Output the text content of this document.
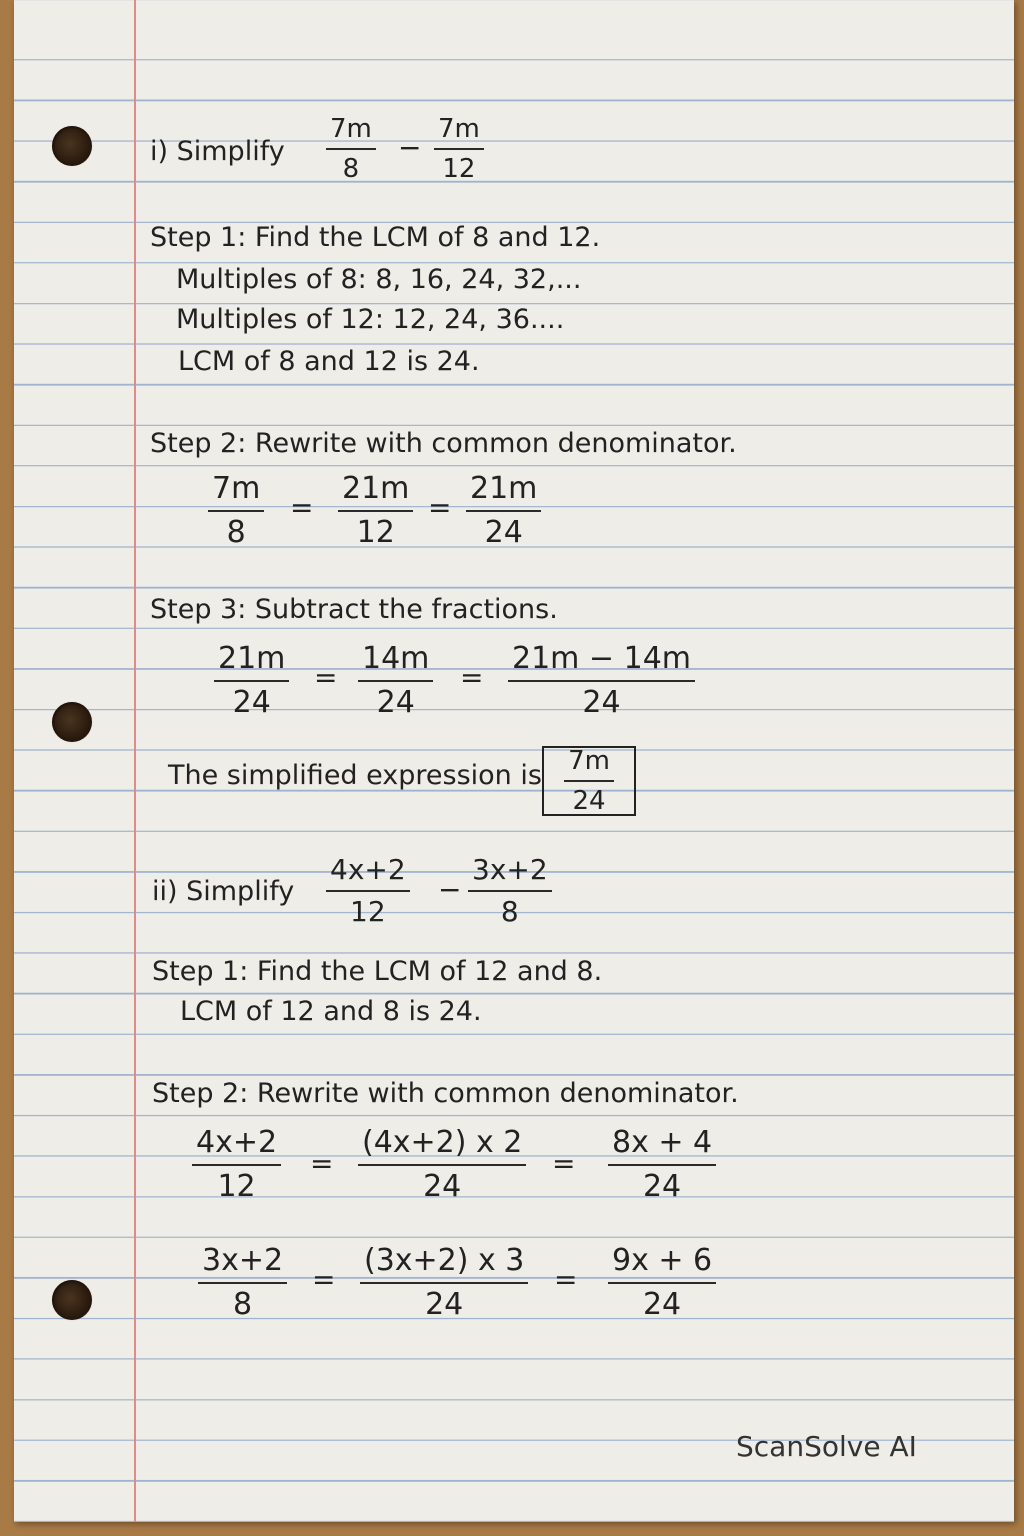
i) Simplify
7m
8
−
7m
12
Step 1: Find the LCM of 8 and 12.
Multiples of 8: 8, 16, 24, 32,...
Multiples of 12: 12, 24, 36....
LCM of 8 and 12 is 24.
Step 2: Rewrite with common denominator.
7m
8
=
21m
12
=
21m
24
Step 3: Subtract the fractions.
21m
24
=
14m
24
=
21m − 14m
24
The simplified expression is $\frac{7m}{24}$
ii) Simplify
4x+2
12
−
3x+2
8
Step 1: Find the LCM of 12 and 8.
LCM of 12 and 8 is 24.
Step 2: Rewrite with common denominator.
4x+2
12
=
(4x+2) x 2
24
=
8x + 4
24
3x+2
8
=
(3x+2) x 3
24
=
9x + 6
24
ScanSolve AI
